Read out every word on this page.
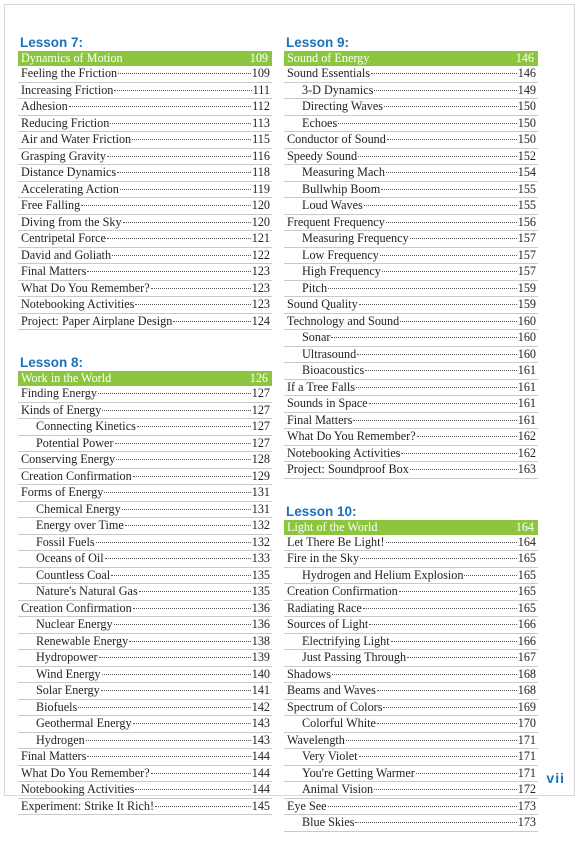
Lesson 7:
Dynamics of Motion	109
Feeling the Friction	109
Increasing Friction	111
Adhesion	112
Reducing Friction	113
Air and Water Friction	115
Grasping Gravity	116
Distance Dynamics	118
Accelerating Action	119
Free Falling	120
Diving from the Sky	120
Centripetal Force	121
David and Goliath	122
Final Matters	123
What Do You Remember?	123
Notebooking Activities	123
Project: Paper Airplane Design	124
Lesson 8:
Work in the World	126
Finding Energy	127
Kinds of Energy	127
Connecting Kinetics	127
Potential Power	127
Conserving Energy	128
Creation Confirmation	129
Forms of Energy	131
Chemical Energy	131
Energy over Time	132
Fossil Fuels	132
Oceans of Oil	133
Countless Coal	135
Nature's Natural Gas	135
Creation Confirmation	136
Nuclear Energy	136
Renewable Energy	138
Hydropower	139
Wind Energy	140
Solar Energy	141
Biofuels	142
Geothermal Energy	143
Hydrogen	143
Final Matters	144
What Do You Remember?	144
Notebooking Activities	144
Experiment: Strike It Rich!	145
Lesson 9:
Sound of Energy	146
Sound Essentials	146
3-D Dynamics	149
Directing Waves	150
Echoes	150
Conductor of Sound	150
Speedy Sound	152
Measuring Mach	154
Bullwhip Boom	155
Loud Waves	155
Frequent Frequency	156
Measuring Frequency	157
Low Frequency	157
High Frequency	157
Pitch	159
Sound Quality	159
Technology and Sound	160
Sonar	160
Ultrasound	160
Bioacoustics	161
If a Tree Falls	161
Sounds in Space	161
Final Matters	161
What Do You Remember?	162
Notebooking Activities	162
Project: Soundproof Box	163
Lesson 10:
Light of the World	164
Let There Be Light!	164
Fire in the Sky	165
Hydrogen and Helium Explosion	165
Creation Confirmation	165
Radiating Race	165
Sources of Light	166
Electrifying Light	166
Just Passing Through	167
Shadows	168
Beams and Waves	168
Spectrum of Colors	169
Colorful White	170
Wavelength	171
Very Violet	171
You're Getting Warmer	171
Animal Vision	172
Eye See	173
Blue Skies	173
vii
